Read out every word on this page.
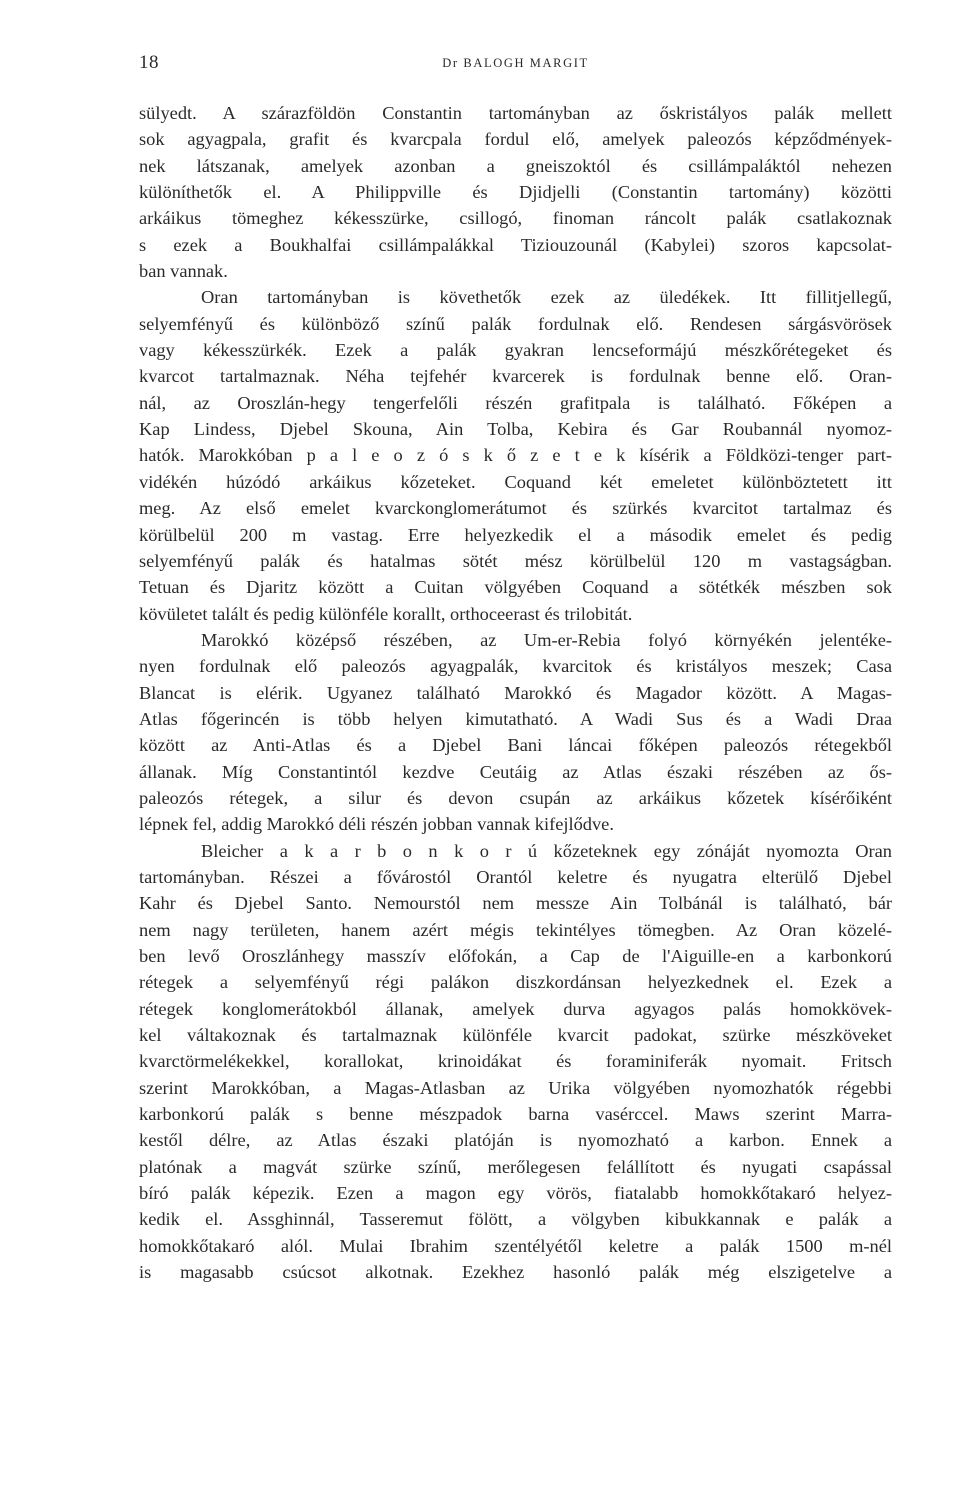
18	Dr BALOGH MARGIT
sülyedt. A szárazföldön Constantin tartományban az őskristályos palák mellett
sok agyagpala, grafit és kvarcpala fordul elő, amelyek paleozós képződmények-
nek látszanak, amelyek azonban a gneiszoktól és csillámpaláktól nehezen
különíthetők el. A Philippville és Djidjelli (Constantin tartomány) közötti
arkáikus tömeghez kékesszürke, csillogó, finoman ráncolt palák csatlakoznak
s ezek a Boukhalfai csillámpalákkal Tiziouzounál (Kabylei) szoros kapcsolat-
ban vannak.
Oran tartományban is követhetők ezek az üledékek. Itt fillitjellegű,
selyemfényű és különböző színű palák fordulnak elő. Rendesen sárgásvörösek
vagy kékesszürkék. Ezek a palák gyakran lencseformájú mészkőrétegeket és
kvarcot tartalmaznak. Néha tejfehér kvarcerek is fordulnak benne elő. Oran-
nál, az Oroszlán-hegy tengerfelőli részén grafitpala is található. Főképen a
Kap Lindess, Djebel Skouna, Ain Tolba, Kebira és Gar Roubannál nyomoz-
hatók. Marokkóban p a l e o z ó s k ő z e t e k kísérik a Földközi-tenger part-
vidékén húzódó arkáikus kőzeteket. Coquand két emeletet különböztetett itt
meg. Az első emelet kvarckonglomerátumot és szürkés kvarcitot tartalmaz és
körülbelül 200 m vastag. Erre helyezkedik el a második emelet és pedig
selyemfényű palák és hatalmas sötét mész körülbelül 120 m vastagságban.
Tetuan és Djaritz között a Cuitan völgyében Coquand a sötétkék mészben sok
kövületet talált és pedig különféle korallt, orthoceerast és trilobitát.
Marokkó középső részében, az Um-er-Rebia folyó környékén jelentéke-
nyen fordulnak elő paleozós agyagpalák, kvarcitok és kristályos meszek; Casa
Blancat is elérik. Ugyanez található Marokkó és Magador között. A Magas-
Atlas főgerincén is több helyen kimutatható. A Wadi Sus és a Wadi Draa
között az Anti-Atlas és a Djebel Bani láncai főképen paleozós rétegekből
állanak. Míg Constantintól kezdve Ceutáig az Atlas északi részében az ős-
paleozós rétegek, a silur és devon csupán az arkáikus kőzetek kísérőiként
lépnek fel, addig Marokkó déli részén jobban vannak kifejlődve.
Bleicher a k a r b o n k o r ú kőzeteknek egy zónáját nyomozta Oran
tartományban. Részei a fővárostól Orantól keletre és nyugatra elterülő Djebel
Kahr és Djebel Santo. Nemourstól nem messze Ain Tolbánál is található, bár
nem nagy területen, hanem azért mégis tekintélyes tömegben. Az Oran közelé-
ben levő Oroszlánhegy masszív előfokán, a Cap de l'Aiguille-en a karbonkorú
rétegek a selyemfényű régi palákon diszkordánsan helyezkednek el. Ezek a
rétegek konglomerátokból állanak, amelyek durva agyagos palás homokkövek-
kel váltakoznak és tartalmaznak különféle kvarcit padokat, szürke mészköveket
kvarctörmelékekkel, korallokat, krinoidákat és foraminiferák nyomait. Fritsch
szerint Marokkóban, a Magas-Atlasban az Urika völgyében nyomozhatók régebbi
karbonkorú palák s benne mészpadok barna vasérccel. Maws szerint Marra-
kestől délre, az Atlas északi platóján is nyomozható a karbon. Ennek a
platónak a magvát szürke színű, merőlegesen felállított és nyugati csapással
bíró palák képezik. Ezen a magon egy vörös, fiatalabb homokkőtakaró helyez-
kedik el. Assghinnál, Tasseremut fölött, a völgyben kibukkannak e palák a
homokkőtakaró alól. Mulai Ibrahim szentélyétől keletre a palák 1500 m-nél
is magasabb csúcsot alkotnak. Ezekhez hasonló palák még elszigetelve a
